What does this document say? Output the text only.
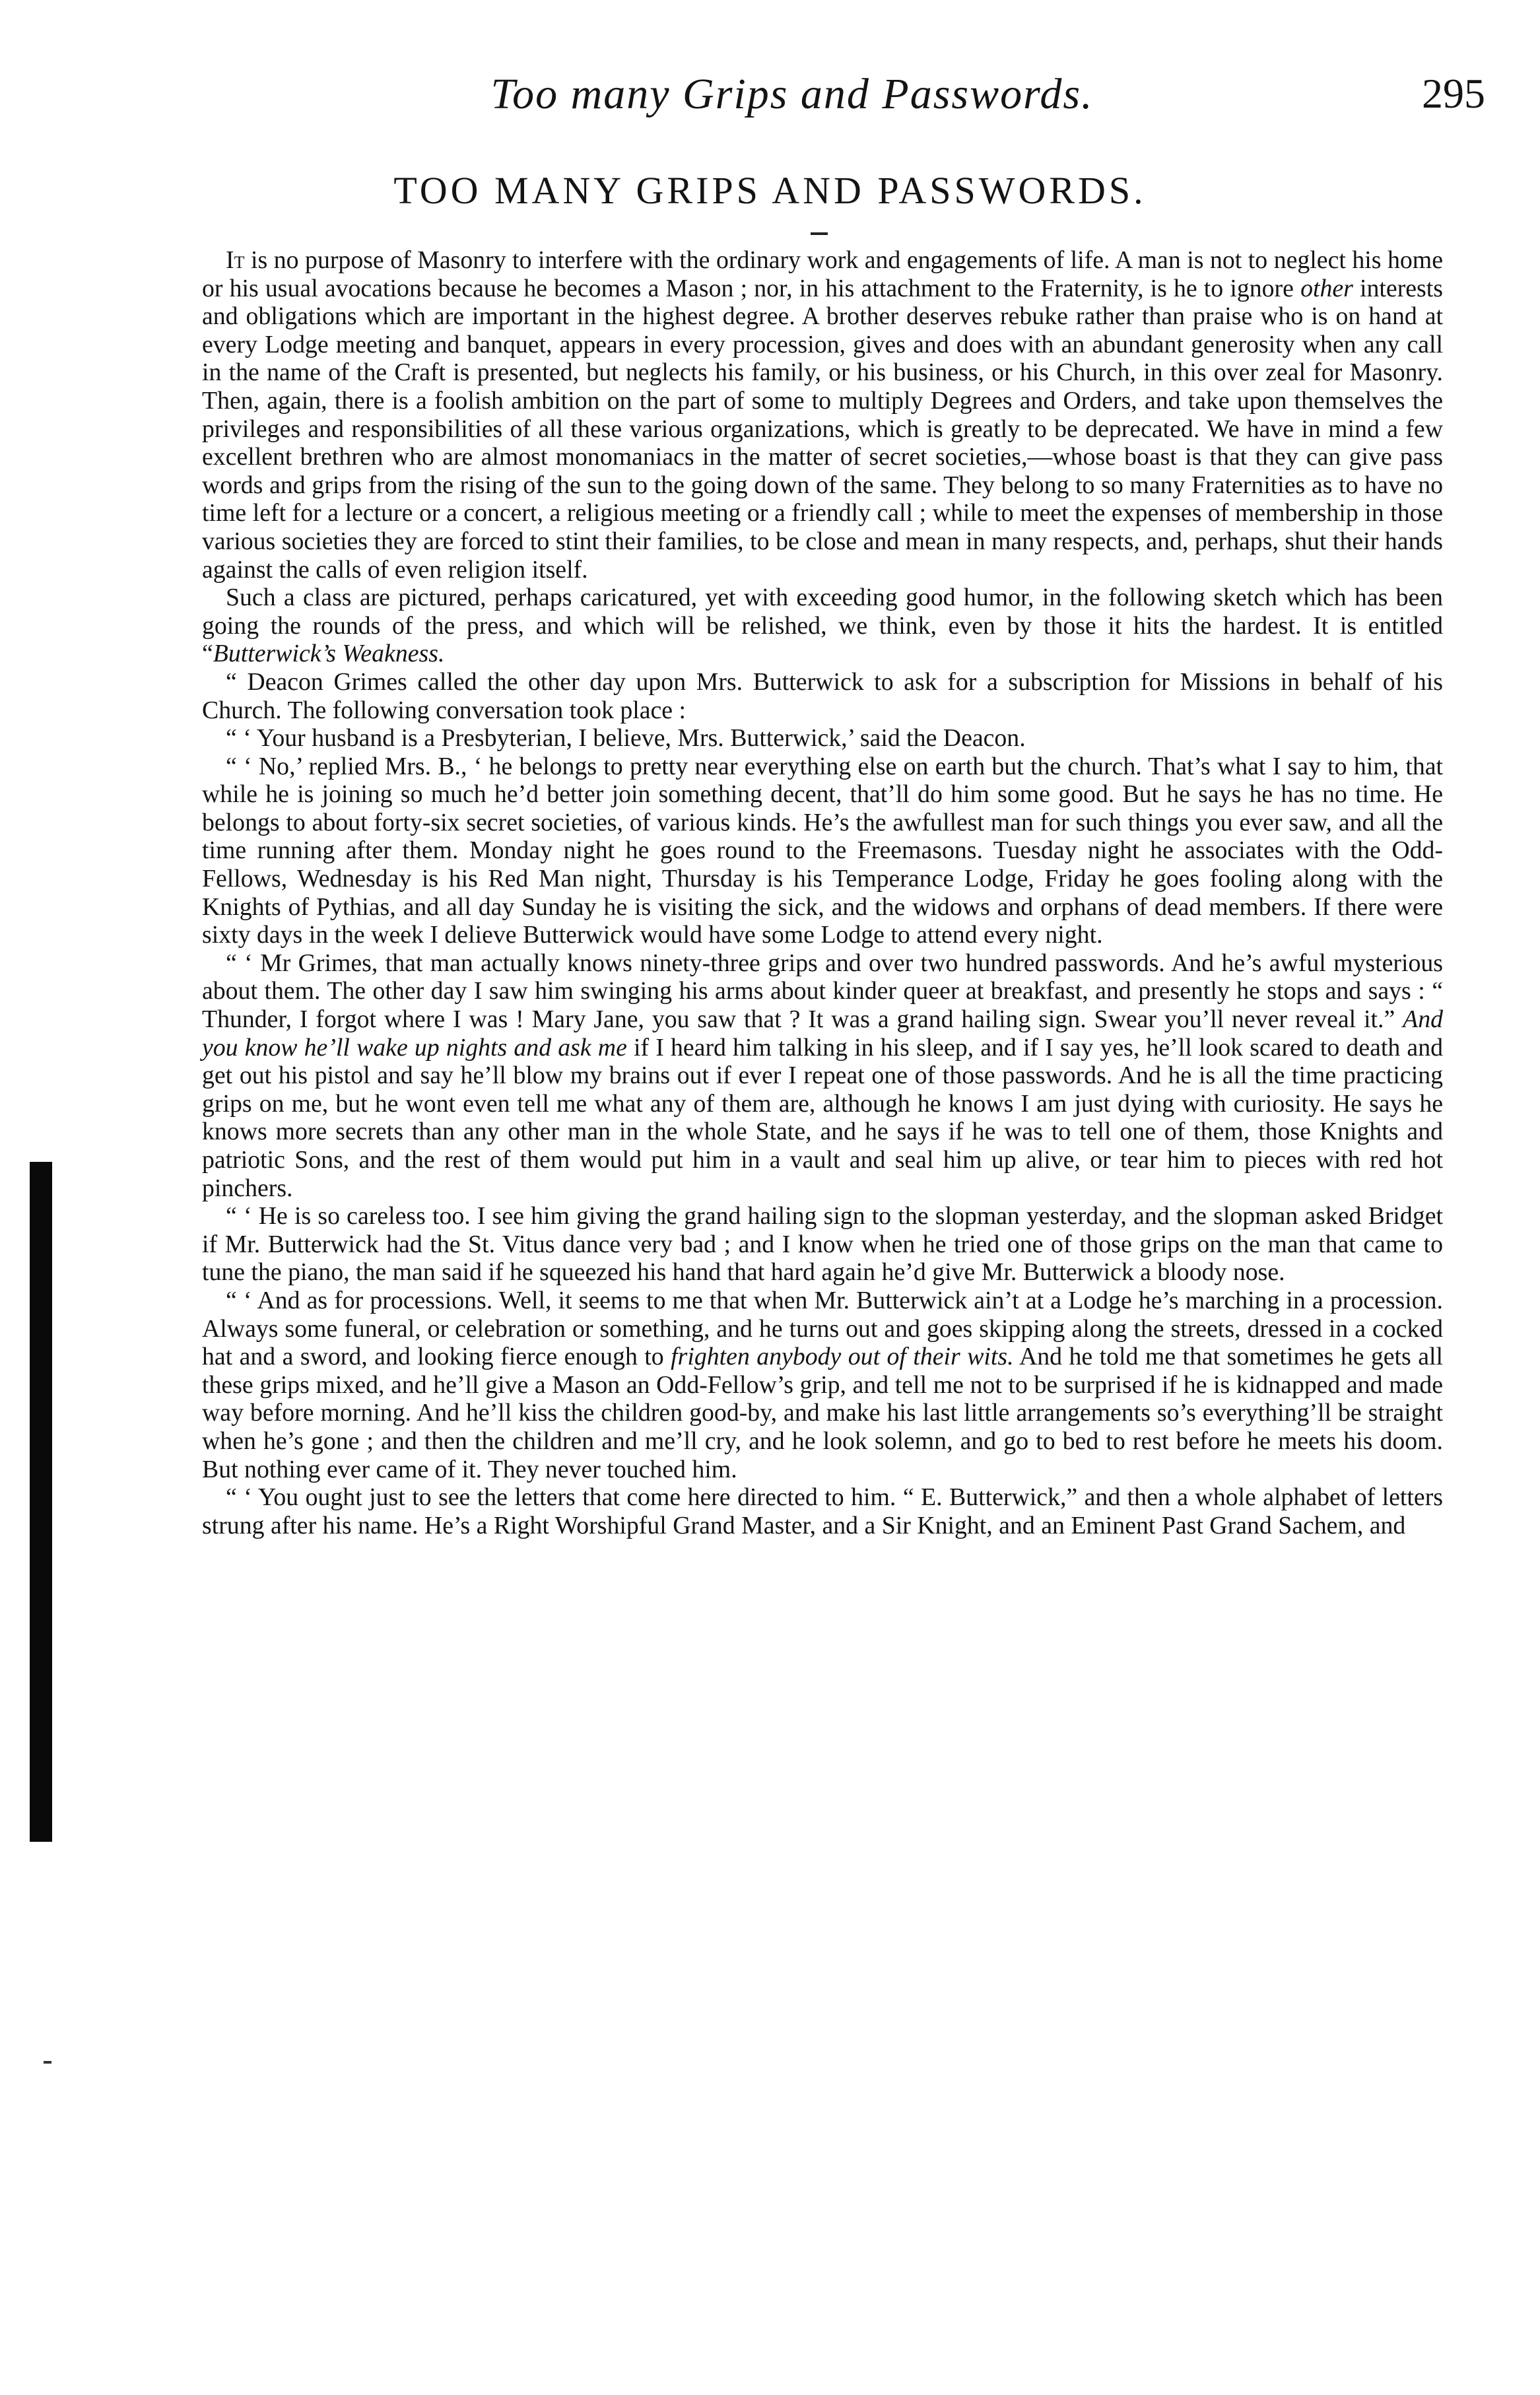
Too many Grips and Passwords.	295
TOO MANY GRIPS AND PASSWORDS.

It is no purpose of Masonry to interfere with the ordinary work and engagements of life. A man is not to neglect his home or his usual avocations because he becomes a Mason ; nor, in his attachment to the Fraternity, is he to ignore other interests and obligations which are important in the highest degree. A brother deserves rebuke rather than praise who is on hand at every Lodge meeting and banquet, appears in every procession, gives and does with an abundant generosity when any call in the name of the Craft is presented, but neglects his family, or his business, or his Church, in this over zeal for Masonry. Then, again, there is a foolish ambition on the part of some to multiply Degrees and Orders, and take upon themselves the privileges and responsibilities of all these various organizations, which is greatly to be deprecated. We have in mind a few excellent brethren who are almost monomaniacs in the matter of secret societies,—whose boast is that they can give pass words and grips from the rising of the sun to the going down of the same. They belong to so many Fraternities as to have no time left for a lecture or a concert, a religious meeting or a friendly call ; while to meet the expenses of membership in those various societies they are forced to stint their families, to be close and mean in many respects, and, perhaps, shut their hands against the calls of even religion itself.

Such a class are pictured, perhaps caricatured, yet with exceeding good humor, in the following sketch which has been going the rounds of the press, and which will be relished, we think, even by those it hits the hardest. It is entitled “Butterwick’s Weakness.

“ Deacon Grimes called the other day upon Mrs. Butterwick to ask for a subscription for Missions in behalf of his Church. The following conversation took place :

“ ‘ Your husband is a Presbyterian, I believe, Mrs. Butterwick,’ said the Deacon.

“ ‘ No,’ replied Mrs. B., ‘ he belongs to pretty near everything else on earth but the church. That’s what I say to him, that while he is joining so much he’d better join something decent, that’ll do him some good. But he says he has no time. He belongs to about forty-six secret societies, of various kinds. He’s the awfullest man for such things you ever saw, and all the time running after them. Monday night he goes round to the Freemasons. Tuesday night he associates with the Odd-Fellows, Wednesday is his Red Man night, Thursday is his Temperance Lodge, Friday he goes fooling along with the Knights of Pythias, and all day Sunday he is visiting the sick, and the widows and orphans of dead members. If there were sixty days in the week I delieve Butterwick would have some Lodge to attend every night.

“ ‘ Mr Grimes, that man actually knows ninety-three grips and over two hundred passwords. And he’s awful mysterious about them. The other day I saw him swinging his arms about kinder queer at breakfast, and presently he stops and says : “ Thunder, I forgot where I was ! Mary Jane, you saw that ? It was a grand hailing sign. Swear you’ll never reveal it.” And you know he’ll wake up nights and ask me if I heard him talking in his sleep, and if I say yes, he’ll look scared to death and get out his pistol and say he’ll blow my brains out if ever I repeat one of those passwords. And he is all the time practicing grips on me, but he wont even tell me what any of them are, although he knows I am just dying with curiosity. He says he knows more secrets than any other man in the whole State, and he says if he was to tell one of them, those Knights and patriotic Sons, and the rest of them would put him in a vault and seal him up alive, or tear him to pieces with red hot pinchers.

“ ‘ He is so careless too. I see him giving the grand hailing sign to the slopman yesterday, and the slopman asked Bridget if Mr. Butterwick had the St. Vitus dance very bad ; and I know when he tried one of those grips on the man that came to tune the piano, the man said if he squeezed his hand that hard again he’d give Mr. Butterwick a bloody nose.

“ ‘ And as for processions. Well, it seems to me that when Mr. Butterwick ain’t at a Lodge he’s marching in a procession. Always some funeral, or celebration or something, and he turns out and goes skipping along the streets, dressed in a cocked hat and a sword, and looking fierce enough to frighten anybody out of their wits. And he told me that sometimes he gets all these grips mixed, and he’ll give a Mason an Odd-Fellow’s grip, and tell me not to be surprised if he is kidnapped and made way before morning. And he’ll kiss the children good-by, and make his last little arrangements so’s everything’ll be straight when he’s gone ; and then the children and me’ll cry, and he look solemn, and go to bed to rest before he meets his doom. But nothing ever came of it. They never touched him.

“ ‘ You ought just to see the letters that come here directed to him. “ E. Butterwick,” and then a whole alphabet of letters strung after his name. He’s a Right Worshipful Grand Master, and a Sir Knight, and an Eminent Past Grand Sachem, and
